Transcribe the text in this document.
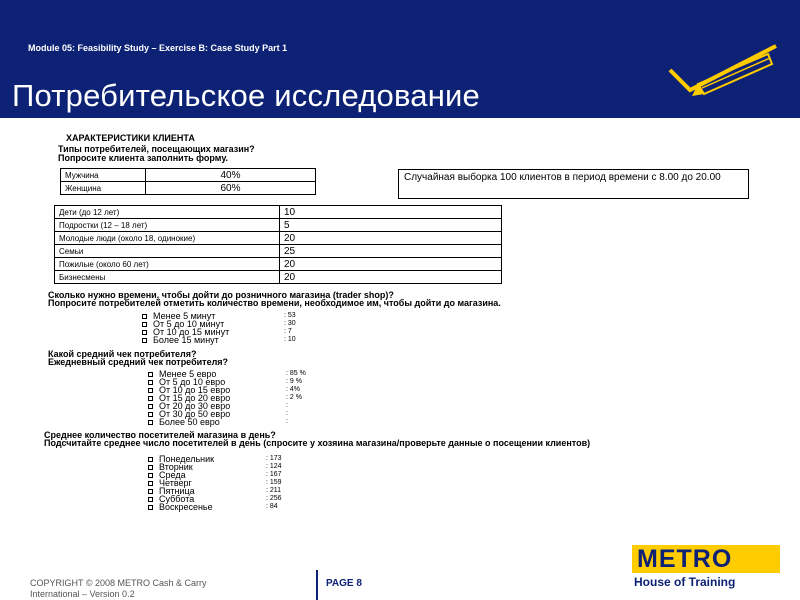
Module 05: Feasibility Study – Exercise B: Case Study Part 1
Потребительское исследование
ХАРАКТЕРИСТИКИ КЛИЕНТА
Типы потребителей, посещающих магазин?
Попросите клиента заполнить форму.
Мужчина	40%
Женщина	60%
Случайная выборка 100 клиентов в период времени с 8.00 до 20.00
Дети (до 12 лет)	10
Подростки (12 – 18 лет)	5
Молодые люди (около 18, одинокие)	20
Семьи	25
Пожилые (около 60 лет)	20
Бизнесмены	20
Сколько нужно времени, чтобы дойти до розничного магазина (trader shop)?
Попросите потребителей отметить количество времени, необходимое им, чтобы дойти до магазина.
Менее 5 минут	: 53
От 5 до 10 минут	: 30
От 10 до 15 минут	: 7
Более 15 минут	: 10
Какой средний чек потребителя?
Ежедневный средний чек потребителя?
Менее 5 евро	: 85 %
От 5 до 10 евро	: 9 %
От 10 до 15 евро	: 4%
От 15 до 20 евро	: 2 %
От 20 до 30 евро	:
От 30 до 50 евро	:
Более 50 евро	:
Среднее количество посетителей магазина в день?
Подсчитайте среднее число посетителей в день (спросите у хозяина магазина/проверьте данные о посещении клиентов)
Понедельник	: 173
Вторник	: 124
Среда	: 167
Четверг	: 159
Пятница	: 211
Суббота	: 256
Воскресенье	: 84
COPYRIGHT © 2008 METRO Cash & Carry
International – Version 0.2
PAGE 8
METRO
House of Training
